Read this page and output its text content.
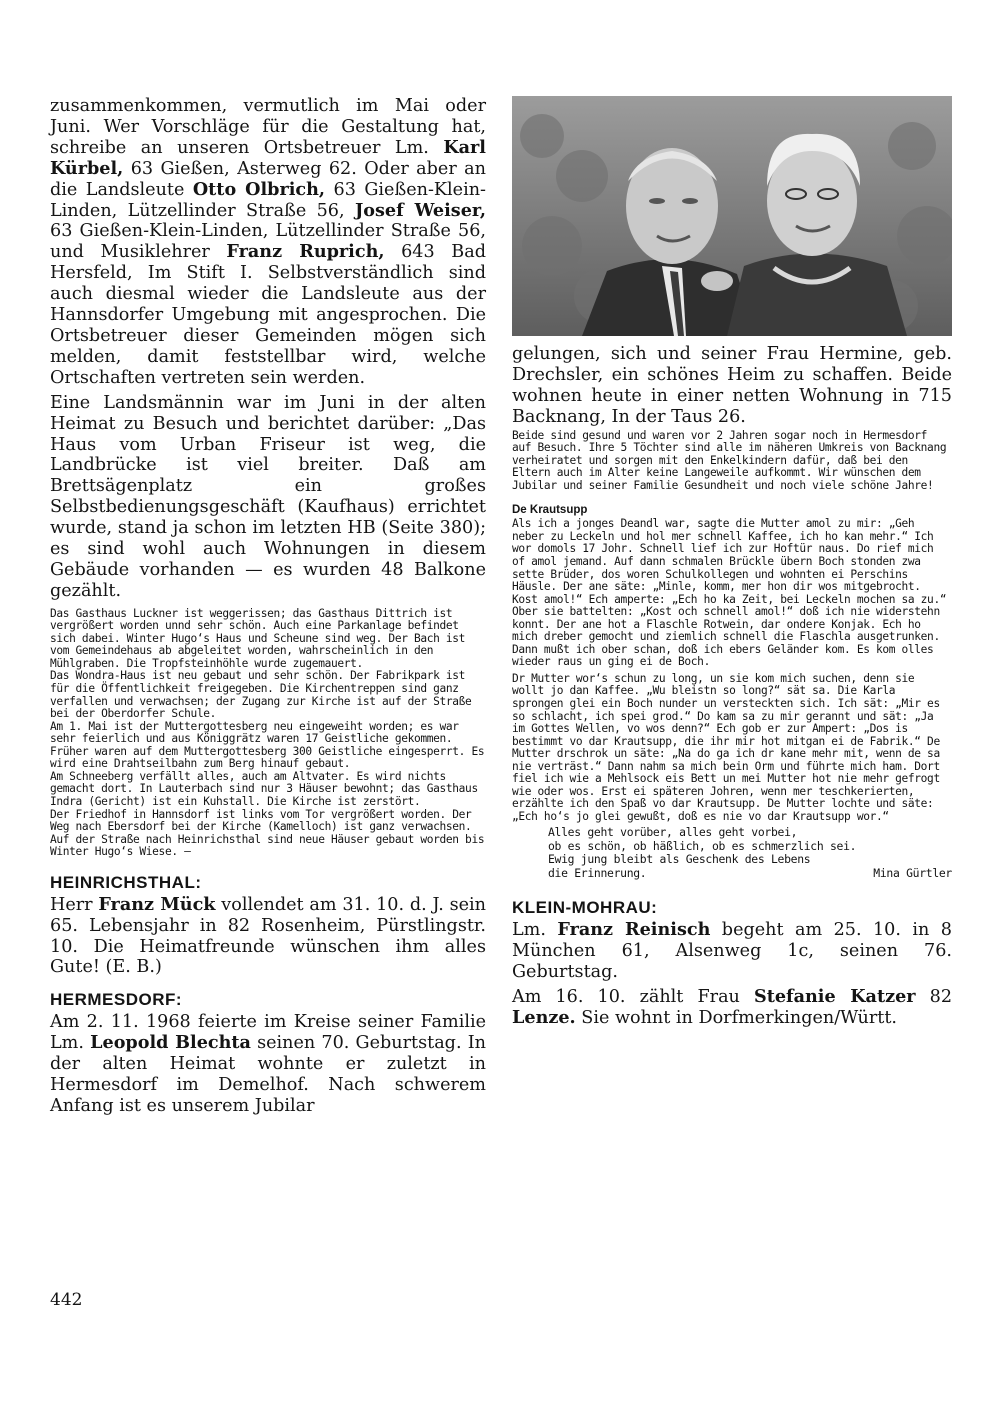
zusammenkommen, vermutlich im Mai oder Juni. Wer Vorschläge für die Gestaltung hat, schreibe an unseren Ortsbetreuer Lm. Karl Kürbel, 63 Gießen, Asterweg 62. Oder aber an die Landsleute Otto Olbrich, 63 Gießen-Klein-Linden, Lützellinder Straße 56, Josef Weiser, 63 Gießen-Klein-Linden, Lützellinder Straße 56, und Musiklehrer Franz Ruprich, 643 Bad Hersfeld, Im Stift I. Selbstverständlich sind auch diesmal wieder die Landsleute aus der Hannsdorfer Umgebung mit angesprochen. Die Ortsbetreuer dieser Gemeinden mögen sich melden, damit feststellbar wird, welche Ortschaften vertreten sein werden.

Eine Landsmännin war im Juni in der alten Heimat zu Besuch und berichtet darüber: „Das Haus vom Urban Friseur ist weg, die Landbrücke ist viel breiter. Daß am Brettsägenplatz ein großes Selbstbedienungsgeschäft (Kaufhaus) errichtet wurde, stand ja schon im letzten HB (Seite 380); es sind wohl auch Wohnungen in diesem Gebäude vorhanden — es wurden 48 Balkone gezählt.

Das Gasthaus Luckner ist weggerissen; das Gasthaus Dittrich ist vergrößert worden unnd sehr schön. Auch eine Parkanlage befindet sich dabei. Winter Hugo‘s Haus und Scheune sind weg. Der Bach ist vom Gemeindehaus ab abgeleitet worden, wahrscheinlich in den Mühlgraben. Die Tropfsteinhöhle wurde zugemauert.

Das Wondra-Haus ist neu gebaut und sehr schön. Der Fabrikpark ist für die Öffentlichkeit freigegeben. Die Kirchentreppen sind ganz verfallen und verwachsen; der Zugang zur Kirche ist auf der Straße bei der Oberdorfer Schule.

Am 1. Mai ist der Muttergottesberg neu eingeweiht worden; es war sehr feierlich und aus Königgrätz waren 17 Geistliche gekommen. Früher waren auf dem Muttergottesberg 300 Geistliche eingesperrt. Es wird eine Drahtseilbahn zum Berg hinauf gebaut.

Am Schneeberg verfällt alles, auch am Altvater. Es wird nichts gemacht dort. In Lauterbach sind nur 3 Häuser bewohnt; das Gasthaus Indra (Gericht) ist ein Kuhstall. Die Kirche ist zerstört.

Der Friedhof in Hannsdorf ist links vom Tor vergrößert worden. Der Weg nach Ebersdorf bei der Kirche (Kamelloch) ist ganz verwachsen. Auf der Straße nach Heinrichsthal sind neue Häuser gebaut worden bis Winter Hugo‘s Wiese. —

HEINRICHSTHAL:

Herr Franz Mück vollendet am 31. 10. d. J. sein 65. Lebensjahr in 82 Rosenheim, Pürstlingstr. 10. Die Heimatfreunde wünschen ihm alles Gute! (E. B.)

HERMESDORF:

Am 2. 11. 1968 feierte im Kreise seiner Familie Lm. Leopold Blechta seinen 70. Geburtstag. In der alten Heimat wohnte er zuletzt in Hermesdorf im Demelhof. Nach schwerem Anfang ist es unserem Jubilar

gelungen, sich und seiner Frau Hermine, geb. Drechsler, ein schönes Heim zu schaffen. Beide wohnen heute in einer netten Wohnung in 715 Backnang, In der Taus 26.

Beide sind gesund und waren vor 2 Jahren sogar noch in Hermesdorf auf Besuch. Ihre 5 Töchter sind alle im näheren Umkreis von Backnang verheiratet und sorgen mit den Enkelkindern dafür, daß bei den Eltern auch im Alter keine Langeweile aufkommt. Wir wünschen dem Jubilar und seiner Familie Gesundheit und noch viele schöne Jahre!

De Krautsupp

Als ich a jonges Deandl war, sagte die Mutter amol zu mir: „Geh neber zu Leckeln und hol mer schnell Kaffee, ich ho kan mehr.“ Ich wor domols 17 Johr. Schnell lief ich zur Hoftür naus. Do rief mich of amol jemand. Auf dann schmalen Brückle übern Boch stonden zwa sette Brüder, dos woren Schulkollegen und wohnten ei Perschins Häusle. Der ane säte: „Minle, komm, mer hon dir wos mitgebrocht. Kost amol!“ Ech amperte: „Ech ho ka Zeit, bei Leckeln mochen sa zu.“ Ober sie battelten: „Kost och schnell amol!“ doß ich nie widerstehn konnt. Der ane hot a Flaschle Rotwein, dar ondere Konjak. Ech ho mich dreber gemocht und ziemlich schnell die Flaschla ausgetrunken. Dann mußt ich ober schan, doß ich ebers Geländer kom. Es kom olles wieder raus un ging ei de Boch.

Dr Mutter wor‘s schun zu long, un sie kom mich suchen, denn sie wollt jo dan Kaffee. „Wu bleistn so long?“ sät sa. Die Karla sprongen glei ein Boch nunder un versteckten sich. Ich sät: „Mir es so schlacht, ich spei grod.“ Do kam sa zu mir gerannt und sät: „Ja im Gottes Wellen, vo wos denn?“ Ech gob er zur Ampert: „Dos is bestimmt vo dar Krautsupp, die ihr mir hot mitgan ei de Fabrik.“ De Mutter drschrok un säte: „Na do ga ich dr kane mehr mit, wenn de sa nie verträst.“ Dann nahm sa mich bein Orm und führte mich ham. Dort fiel ich wie a Mehlsock eis Bett un mei Mutter hot nie mehr gefrogt wie oder wos. Erst ei späteren Johren, wenn mer teschkerierten, erzählte ich den Spaß vo dar Krautsupp. De Mutter lochte und säte: „Ech ho‘s jo glei gewußt, doß es nie vo dar Krautsupp wor.“

Alles geht vorüber, alles geht vorbei,
ob es schön, ob häßlich, ob es schmerzlich sei.
Ewig jung bleibt als Geschenk des Lebens
die Erinnerung.	Mina Gürtler
KLEIN-MOHRAU:

Lm. Franz Reinisch begeht am 25. 10. in 8 München 61, Alsenweg 1c, seinen 76. Geburtstag.

Am 16. 10. zählt Frau Stefanie Katzer 82 Lenze. Sie wohnt in Dorfmerkingen/Württ.

442
